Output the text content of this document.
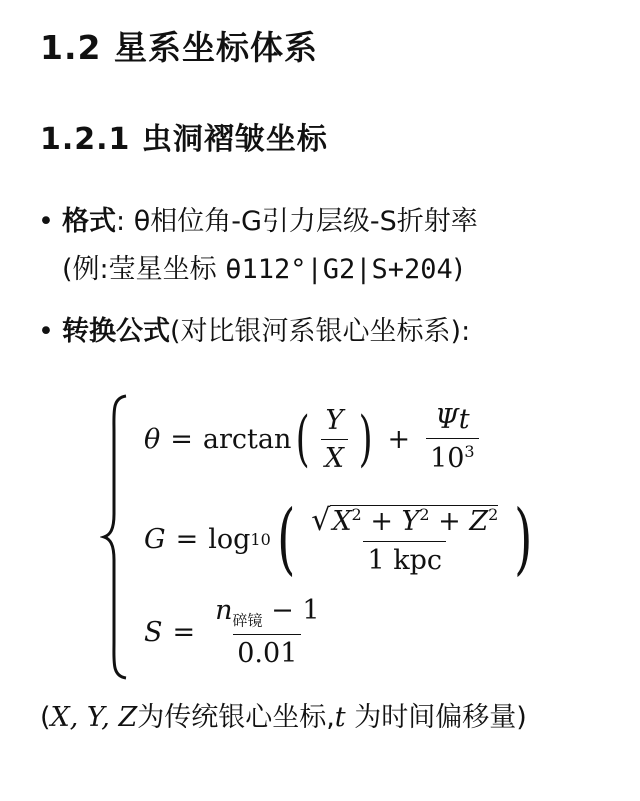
1.2 星系坐标体系
1.2.1 虫洞褶皱坐标
• 格式: θ相位角-G引力层级-S折射率
(例:莹星坐标 θ112°|G2|S+204)
• 转换公式(对比银河系银心坐标系):
θ = arctan ( $\frac{Y}{X}$ ) + $\frac{\Psi t}{10^3}$
G = log 10 ( $\frac{√X^2 + Y^2 + Z^2}{\text{1 kpc}}$ )
$S = \frac{n_{碎镜} - 1}{0.01}$
(X, Y, Z为传统银心坐标,t 为时间偏移量)
